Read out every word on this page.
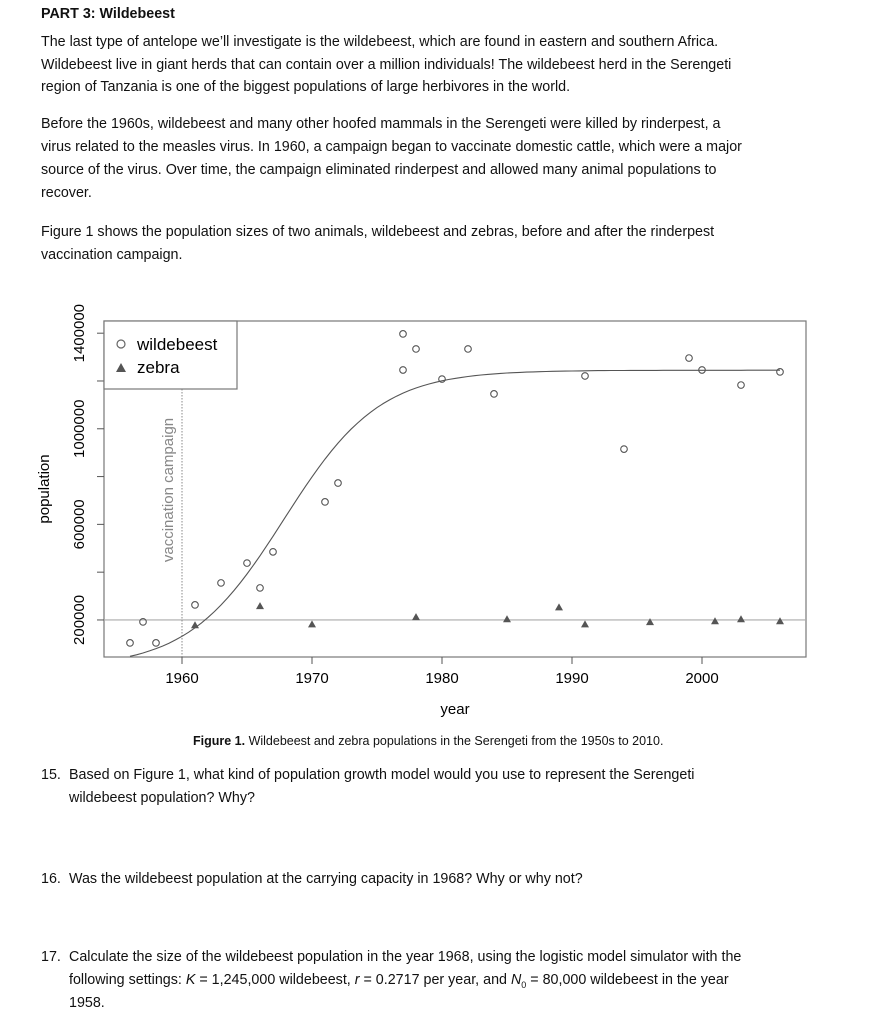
PART 3: Wildebeest
The last type of antelope we’ll investigate is the wildebeest, which are found in eastern and southern Africa.
Wildebeest live in giant herds that can contain over a million individuals! The wildebeest herd in the Serengeti
region of Tanzania is one of the biggest populations of large herbivores in the world.
Before the 1960s, wildebeest and many other hoofed mammals in the Serengeti were killed by rinderpest, a
virus related to the measles virus. In 1960, a campaign began to vaccinate domestic cattle, which were a major
source of the virus. Over time, the campaign eliminated rinderpest and allowed many animal populations to
recover.
Figure 1 shows the population sizes of two animals, wildebeest and zebras, before and after the rinderpest
vaccination campaign.
vaccination campaign
1960	1970	1980	1990	2000
200000
600000
1000000
1400000
year
population
wildebeest
zebra
Figure 1. Wildebeest and zebra populations in the Serengeti from the 1950s to 2010.
15. Based on Figure 1, what kind of population growth model would you use to represent the Serengeti
wildebeest population? Why?
16. Was the wildebeest population at the carrying capacity in 1968? Why or why not?
17. Calculate the size of the wildebeest population in the year 1968, using the logistic model simulator with the
following settings: K = 1,245,000 wildebeest, r = 0.2717 per year, and $N_0 = 80,000$ wildebeest in the year
1958.
